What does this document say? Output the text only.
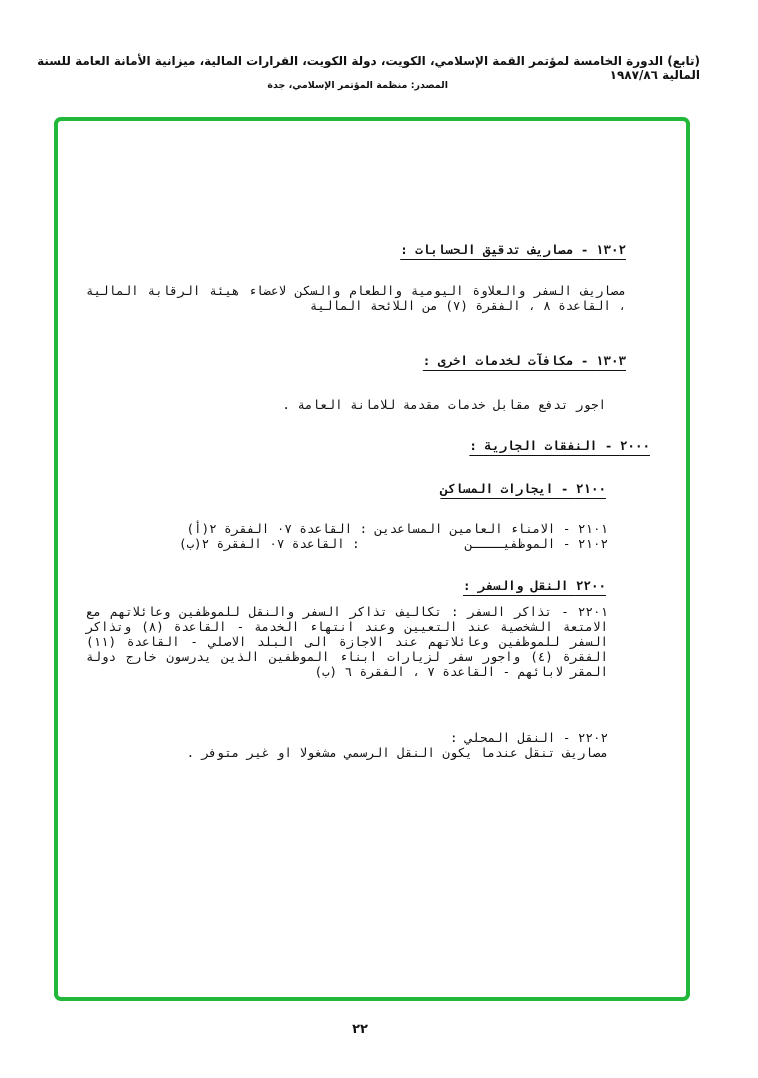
(تابع) الدورة الخامسة لمؤتمر القمة الإسلامي، الكويت، دولة الكويت، القرارات المالية، ميزانية الأمانة العامة للسنة المالية ١٩٨٧/٨٦
المصدر: منظمة المؤتمر الإسلامي، جدة
١٣٠٢ - مصاريف تدقيق الحسابات :
مصاريف السفر والعلاوة اليومية والطعام والسكن لاعضاء هيئة الرقابة المالية ، القاعدة ٨ ، الفقرة (٧) من اللائحة المالية
١٣٠٣ - مكافآت لخدمات اخرى :
اجور تدفع مقابل خدمات مقدمة للامانة العامة .
٢٠٠٠ - النفقات الجارية :
٢١٠٠ - ايجارات المساكن
٢١٠١ - الامناء العامين المساعدين : القاعدة ٠٧ الفقرة ٢(أ)
٢١٠٢ - الموظفيــــن              : القاعدة ٠٧ الفقرة ٢(ب)
٢٢٠٠ النقل والسفر :
٢٢٠١ - تذاكر السفر : تكاليف تذاكر السفر والنقل للموظفين وعائلاتهم مع الامتعة الشخصية عند التعيين وعند انتهاء الخدمة - القاعدة (٨) وتذاكر السفر للموظفين وعائلاتهم عند الاجازة الى البلد الاصلي - القاعدة (١١) الفقرة (٤) واجور سفر لزيارات ابناء الموظفين الذين يدرسون خارج دولة المقر لابائهم - القاعدة ٧ ، الفقرة ٦ (ب)
٢٢٠٢ - النقل المحلي :
مصاريف تنقل عندما يكون النقل الرسمي مشغولا او غير متوفر .
٢٢
